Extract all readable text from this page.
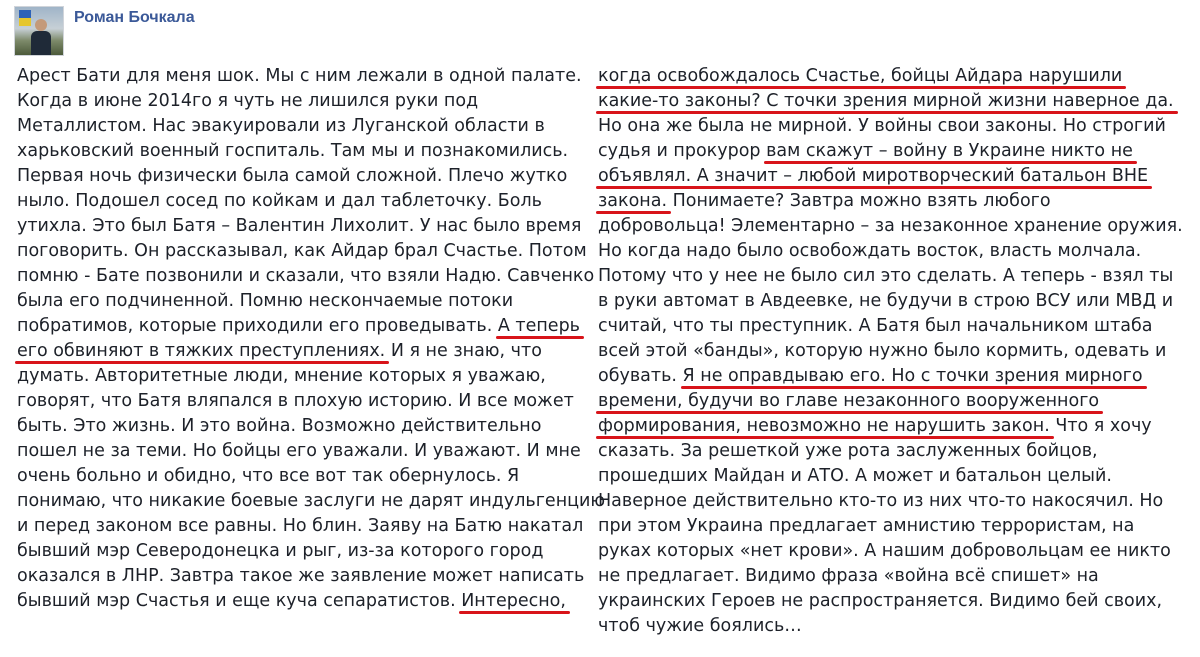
Роман Бочкала
Арест Бати для меня шок. Мы с ним лежали в одной палате.
Когда в июне 2014го я чуть не лишился руки под
Металлистом. Нас эвакуировали из Луганской области в
харьковский военный госпиталь. Там мы и познакомились.
Первая ночь физически была самой сложной. Плечо жутко
ныло. Подошел сосед по койкам и дал таблеточку. Боль
утихла. Это был Батя – Валентин Лихолит. У нас было время
поговорить. Он рассказывал, как Айдар брал Счастье. Потом
помню - Бате позвонили и сказали, что взяли Надю. Савченко
была его подчиненной. Помню нескончаемые потоки
побратимов, которые приходили его проведывать. А теперь
его обвиняют в тяжких преступлениях. И я не знаю, что
думать. Авторитетные люди, мнение которых я уважаю,
говорят, что Батя вляпался в плохую историю. И все может
быть. Это жизнь. И это война. Возможно действительно
пошел не за теми. Но бойцы его уважали. И уважают. И мне
очень больно и обидно, что все вот так обернулось. Я
понимаю, что никакие боевые заслуги не дарят индульгенцию
и перед законом все равны. Но блин. Заяву на Батю накатал
бывший мэр Северодонецка и рыг, из-за которого город
оказался в ЛНР. Завтра такое же заявление может написать
бывший мэр Счастья и еще куча сепаратистов. Интересно,
когда освобождалось Счастье, бойцы Айдара нарушили
какие-то законы? С точки зрения мирной жизни наверное да.
Но она же была не мирной. У войны свои законы. Но строгий
судья и прокурор вам скажут – войну в Украине никто не
объявлял. А значит – любой миротворческий батальон ВНЕ
закона. Понимаете? Завтра можно взять любого
добровольца! Элементарно – за незаконное хранение оружия.
Но когда надо было освобождать восток, власть молчала.
Потому что у нее не было сил это сделать. А теперь - взял ты
в руки автомат в Авдеевке, не будучи в строю ВСУ или МВД и
считай, что ты преступник. А Батя был начальником штаба
всей этой «банды», которую нужно было кормить, одевать и
обувать. Я не оправдываю его. Но с точки зрения мирного
времени, будучи во главе незаконного вооруженного
формирования, невозможно не нарушить закон. Что я хочу
сказать. За решеткой уже рота заслуженных бойцов,
прошедших Майдан и АТО. А может и батальон целый.
Наверное действительно кто-то из них что-то накосячил. Но
при этом Украина предлагает амнистию террористам, на
руках которых «нет крови». А нашим добровольцам ее никто
не предлагает. Видимо фраза «война всё спишет» на
украинских Героев не распространяется. Видимо бей своих,
чтоб чужие боялись…
